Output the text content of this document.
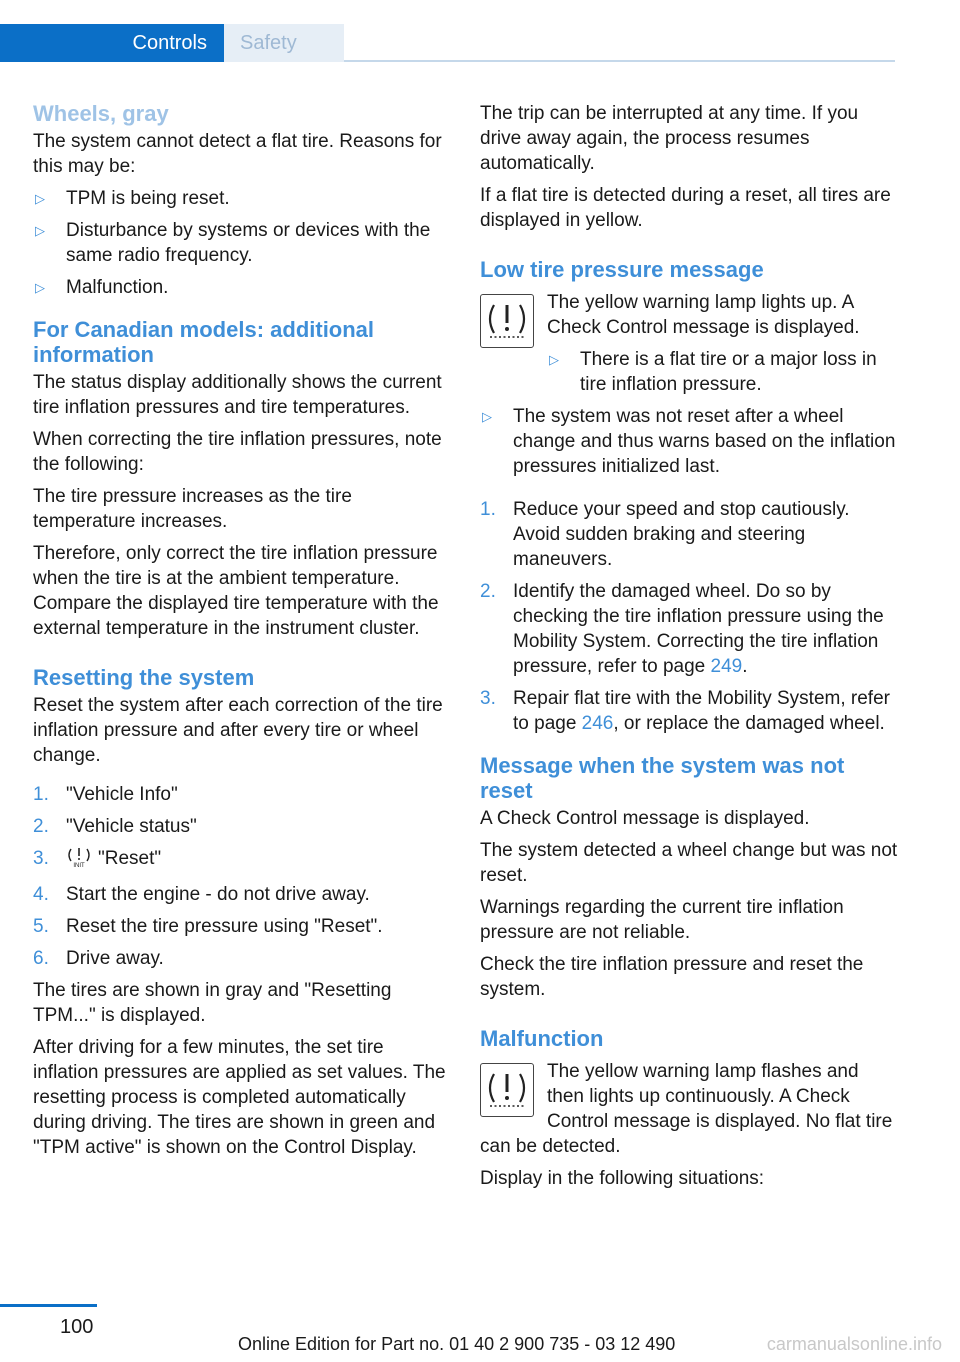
Controls	Safety
Wheels, gray

The system cannot detect a flat tire. Reasons for this may be:

▷ TPM is being reset.
▷ Disturbance by systems or devices with the same radio frequency.
▷ Malfunction.
For Canadian models: additional information

The status display additionally shows the current tire inflation pressures and tire temperatures.

When correcting the tire inflation pressures, note the following:

The tire pressure increases as the tire temperature increases.

Therefore, only correct the tire inflation pressure when the tire is at the ambient temperature. Compare the displayed tire temperature with the external temperature in the instrument cluster.

Resetting the system

Reset the system after each correction of the tire inflation pressure and after every tire or wheel change.

1. "Vehicle Info"
2. "Vehicle status"
3.	INIT "Reset"
4. Start the engine - do not drive away.
5. Reset the tire pressure using "Reset".
6. Drive away.

The tires are shown in gray and "Resetting TPM..." is displayed.

After driving for a few minutes, the set tire inflation pressures are applied as set values. The resetting process is completed automatically during driving. The tires are shown in green and "TPM active" is shown on the Control Display.

The trip can be interrupted at any time. If you drive away again, the process resumes automatically.

If a flat tire is detected during a reset, all tires are displayed in yellow.

Low tire pressure message

The yellow warning lamp lights up. A Check Control message is displayed.

▷ There is a flat tire or a major loss in tire inflation pressure.
▷ The system was not reset after a wheel change and thus warns based on the inflation pressures initialized last.
1. Reduce your speed and stop cautiously. Avoid sudden braking and steering maneuvers.
2. Identify the damaged wheel. Do so by checking the tire inflation pressure using the Mobility System. Correcting the tire inflation pressure, refer to page 249.
3. Repair flat tire with the Mobility System, refer to page 246, or replace the damaged wheel.
Message when the system was not reset

A Check Control message is displayed.

The system detected a wheel change but was not reset.

Warnings regarding the current tire inflation pressure are not reliable.

Check the tire inflation pressure and reset the system.

Malfunction

The yellow warning lamp flashes and then lights up continuously. A Check Control message is displayed. No flat tire can be detected.

Display in the following situations:

100
Online Edition for Part no. 01 40 2 900 735 - 03 12 490	carmanualsonline.info
